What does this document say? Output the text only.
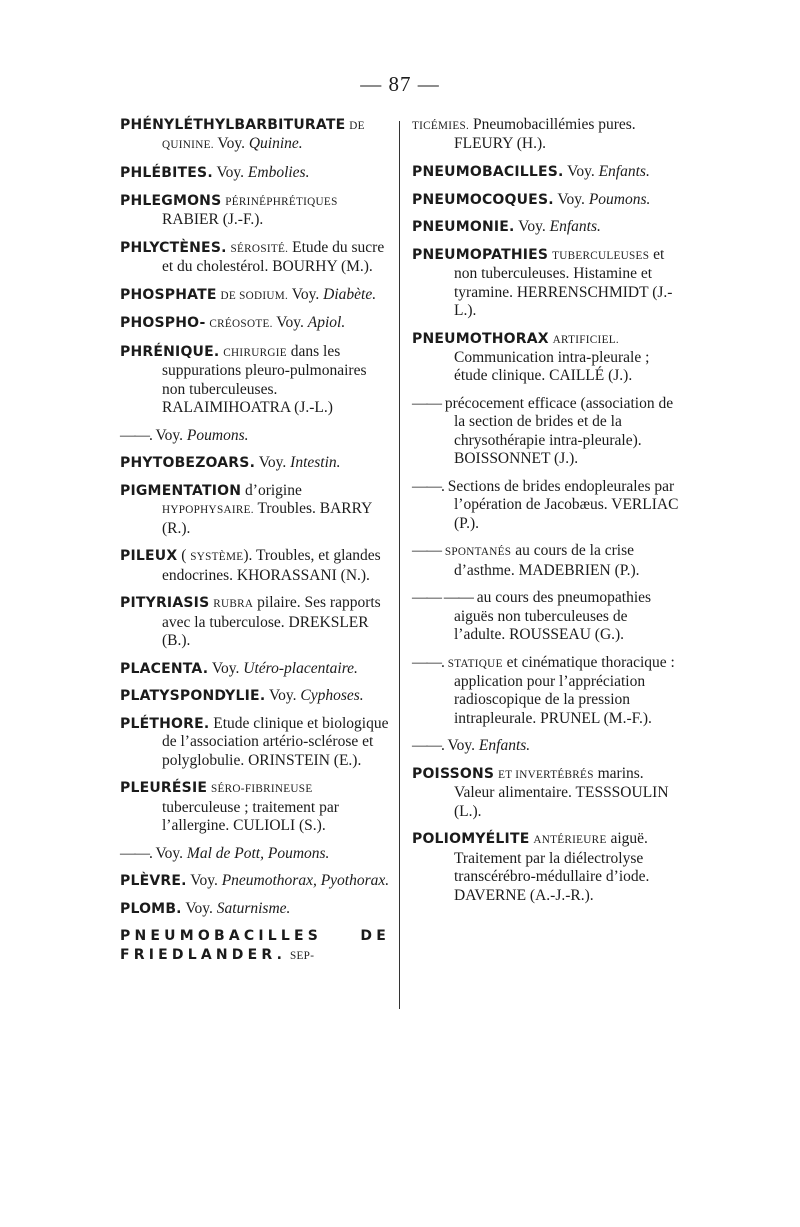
— 87 —

PHÉNYLÉTHYLBARBITURATE DE QUININE. Voy. Quinine.

PHLÉBITES. Voy. Embolies.

PHLEGMONS PÉRINÉPHRÉTIQUES RABIER (J.-F.).

PHLYCTÈNES. SÉROSITÉ. Etude du sucre et du cholestérol. BOURHY (M.).

PHOSPHATE DE SODIUM. Voy. Diabète.

PHOSPHO- CRÉOSOTE. Voy. Apiol.

PHRÉNIQUE. CHIRURGIE dans les suppurations pleuro-pulmonaires non tuberculeuses. RALAIMIHOATRA (J.-L.)

——. Voy. Poumons.

PHYTOBEZOARS. Voy. Intestin.

PIGMENTATION d’origine HYPOPHYSAIRE. Troubles. BARRY (R.).

PILEUX ( SYSTÈME). Troubles, et glandes endocrines. KHORASSANI (N.).

PITYRIASIS RUBRA pilaire. Ses rapports avec la tuberculose. DREKSLER (B.).

PLACENTA. Voy. Utéro-placentaire.

PLATYSPONDYLIE. Voy. Cyphoses.

PLÉTHORE. Etude clinique et biologique de l’association artério-sclérose et polyglobulie. ORINSTEIN (E.).

PLEURÉSIE SÉRO-FIBRINEUSE tuberculeuse ; traitement par l’allergine. CULIOLI (S.).

——. Voy. Mal de Pott, Poumons.

PLÈVRE. Voy. Pneumothorax, Pyothorax.

PLOMB. Voy. Saturnisme.

PNEUMOBACILLES DE FRIEDLANDER. SEP-

TICÉMIES. Pneumobacillémies pures. FLEURY (H.).

PNEUMOBACILLES. Voy. Enfants.

PNEUMOCOQUES. Voy. Poumons.

PNEUMONIE. Voy. Enfants.

PNEUMOPATHIES TUBERCULEUSES et non tuberculeuses. Histamine et tyramine. HERRENSCHMIDT (J.-L.).

PNEUMOTHORAX ARTIFICIEL. Communication intra-pleurale ; étude clinique. CAILLÉ (J.).

—— précocement efficace (association de la section de brides et de la chrysothérapie intra-pleurale). BOISSONNET (J.).

——. Sections de brides endopleurales par l’opération de Jacobæus. VERLIAC (P.).

—— SPONTANÉS au cours de la crise d’asthme. MADEBRIEN (P.).

—— —— au cours des pneumopathies aiguës non tuberculeuses de l’adulte. ROUSSEAU (G.).

——. STATIQUE et cinématique thoracique : application pour l’appréciation radioscopique de la pression intrapleurale. PRUNEL (M.-F.).

——. Voy. Enfants.

POISSONS ET INVERTÉBRÉS marins. Valeur alimentaire. TESSSOULIN (L.).

POLIOMYÉLITE ANTÉRIEURE aiguë. Traitement par la diélectrolyse transcérébro-médullaire d’iode. DAVERNE (A.-J.-R.).
